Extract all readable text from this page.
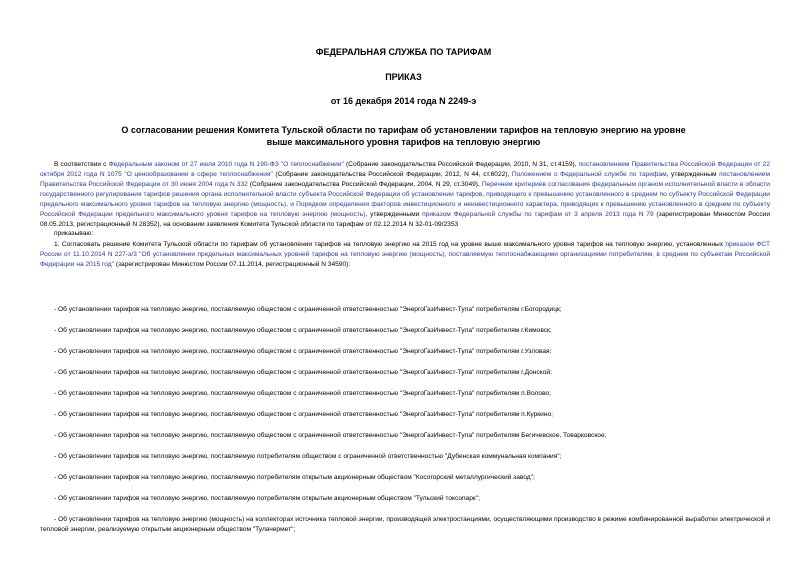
ФЕДЕРАЛЬНАЯ СЛУЖБА ПО ТАРИФАМ
ПРИКАЗ
от 16 декабря 2014 года N 2249-э
О согласовании решения Комитета Тульской области по тарифам об установлении тарифов на тепловую энергию на уровне выше максимального уровня тарифов на тепловую энергию

В соответствии с Федеральным законом от 27 июля 2010 года N 190-ФЗ "О теплоснабжении" (Собрание законодательства Российской Федерации, 2010, N 31, ст.4159), постановлением Правительства Российской Федерации от 22 октября 2012 года N 1075 "О ценообразовании в сфере теплоснабжения" (Собрание законодательства Российской Федерации, 2012, N 44, ст.6022), Положением о Федеральной службе по тарифам, утвержденным постановлением Правительства Российской Федерации от 30 июня 2004 года N 332 (Собрание законодательства Российской Федерации, 2004, N 29, ст.3049), Перечнем критериев согласования федеральным органом исполнительной власти в области государственного регулирования тарифов решения органа исполнительной власти субъекта Российской Федерации об установлении тарифов, приводящего к превышению установленного в среднем по субъекту Российской Федерации предельного максимального уровня тарифов на тепловую энергию (мощность), и Порядком определения факторов инвестиционного и неинвестиционного характера, приводящих к превышению установленного в среднем по субъекту Российской Федерации предельного максимального уровня тарифов на тепловую энергию (мощность), утвержденными приказом Федеральной службы по тарифам от 3 апреля 2013 года N 79 (зарегистрирован Минюстом России 08.05.2013, регистрационный N 28352), на основании заявления Комитета Тульской области по тарифам от 02.12.2014 N 32-01-09/2353

приказываю:

1. Согласовать решение Комитета Тульской области по тарифам об установлении тарифов на тепловую энергию на 2015 год на уровне выше максимального уровня тарифов на тепловую энергию, установленных приказом ФСТ России от 11.10.2014 N 227-э/3 "Об установлении предельных максимальных уровней тарифов на тепловую энергию (мощность), поставляемую теплоснабжающими организациями потребителям, в среднем по субъектам Российской Федерации на 2015 год" (зарегистрирован Минюстом России 07.11.2014, регистрационный N 34590):

- Об установлении тарифов на тепловую энергию, поставляемую обществом с ограниченной ответственностью "ЭнергоГазИнвест-Тула" потребителям г.Богородицк;
- Об установлении тарифов на тепловую энергию, поставляемую обществом с ограниченной ответственностью "ЭнергоГазИнвест-Тула" потребителям г.Кимовск;
- Об установлении тарифов на тепловую энергию, поставляемую обществом с ограниченной ответственностью "ЭнергоГазИнвест-Тула" потребителям г.Узловая;
- Об установлении тарифов на тепловую энергию, поставляемую обществом с ограниченной ответственностью "ЭнергоГазИнвест-Тула" потребителям г.Донской;
- Об установлении тарифов на тепловую энергию, поставляемую обществом с ограниченной ответственностью "ЭнергоГазИнвест-Тула" потребителям п.Волово;
- Об установлении тарифов на тепловую энергию, поставляемую обществом с ограниченной ответственностью "ЭнергоГазИнвест-Тула" потребителям п.Куркино;
- Об установлении тарифов на тепловую энергию, поставляемую обществом с ограниченной ответственностью "ЭнергоГазИнвест-Тула" потребителям Бегичевское, Товарковское;
- Об установлении тарифов на тепловую энергию, поставляемую потребителям обществом с ограниченной ответственностью "Дубенская коммунальная компания";
- Об установлении тарифов на тепловую энергию, поставляемую потребителям открытым акционерным обществом "Косогорский металлургический завод";
- Об установлении тарифов на тепловую энергию, поставляемую потребителям открытым акционерным обществом "Тульский токсопарк";
- Об установлении тарифов на тепловую энергию (мощность) на коллекторах источника тепловой энергии, производящей электростанциями, осуществляющими производство в режиме комбинированной выработки электрической и тепловой энергии, реализуемую открытым акционерным обществом "Тулачермет";
